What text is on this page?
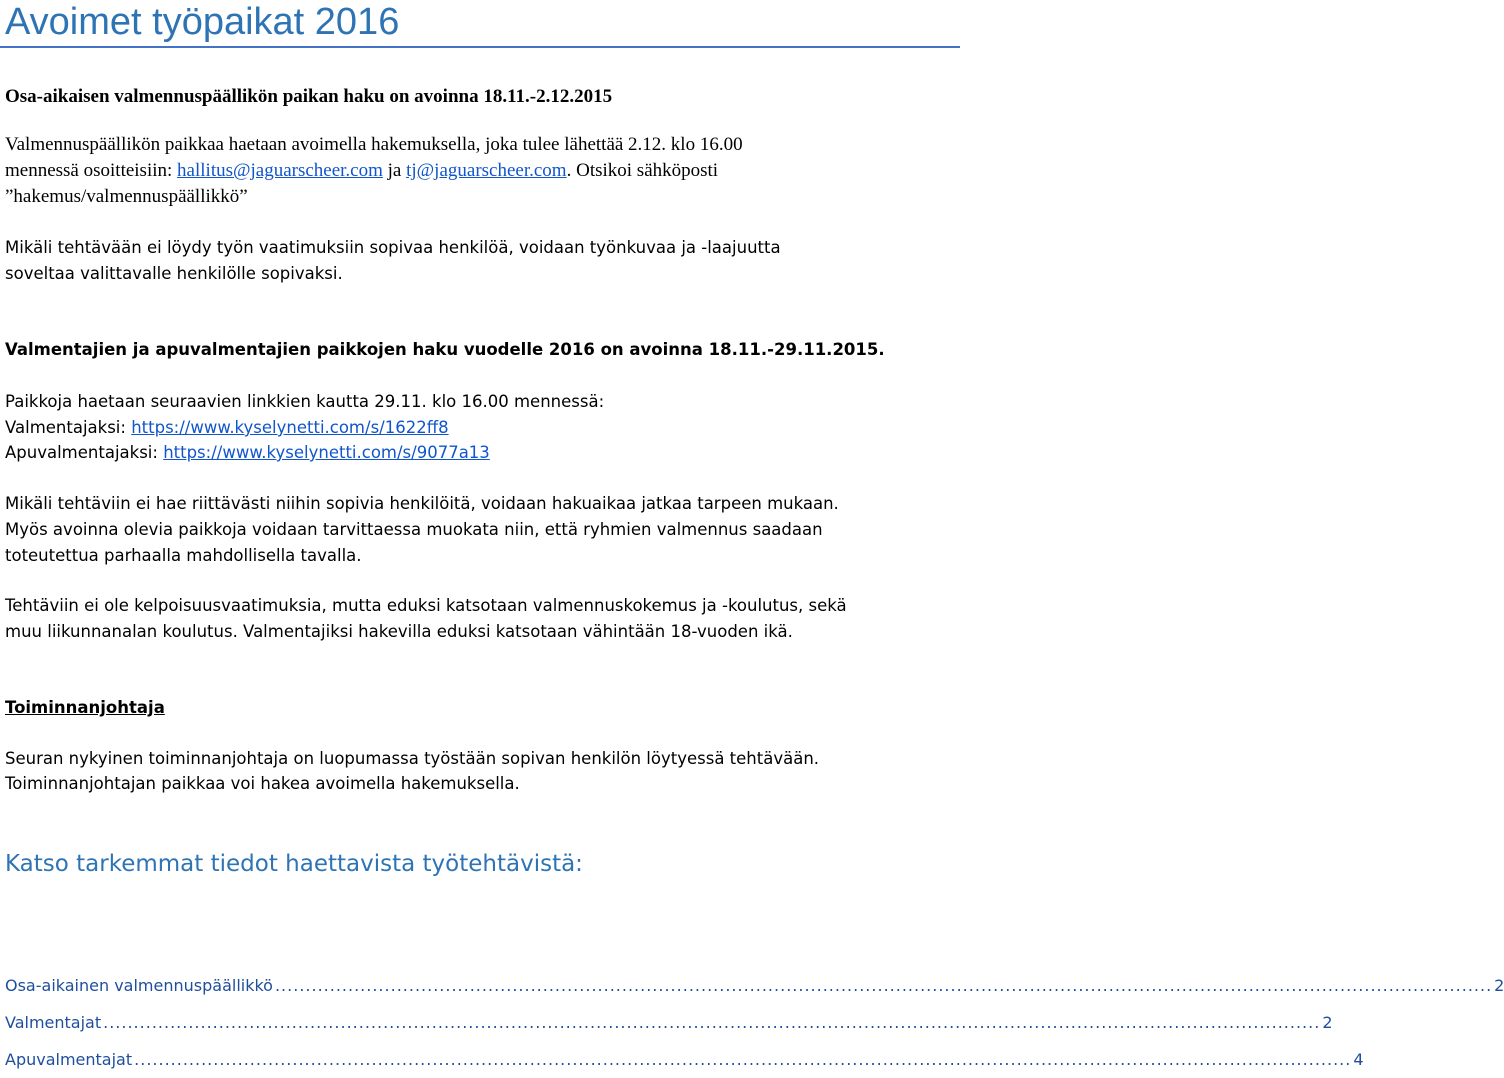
Avoimet työpaikat 2016
Osa-aikaisen valmennuspäällikön paikan haku on avoinna 18.11.-2.12.2015
Valmennuspäällikön paikkaa haetaan avoimella hakemuksella, joka tulee lähettää 2.12. klo 16.00
mennessä osoitteisiin: hallitus@jaguarscheer.com ja tj@jaguarscheer.com. Otsikoi sähköposti
”hakemus/valmennuspäällikkö”
Mikäli tehtävään ei löydy työn vaatimuksiin sopivaa henkilöä, voidaan työnkuvaa ja -laajuutta
soveltaa valittavalle henkilölle sopivaksi.
Valmentajien ja apuvalmentajien paikkojen haku vuodelle 2016 on avoinna 18.11.-29.11.2015.
Paikkoja haetaan seuraavien linkkien kautta 29.11. klo 16.00 mennessä:
Valmentajaksi: https://www.kyselynetti.com/s/1622ff8
Apuvalmentajaksi: https://www.kyselynetti.com/s/9077a13
Mikäli tehtäviin ei hae riittävästi niihin sopivia henkilöitä, voidaan hakuaikaa jatkaa tarpeen mukaan.
Myös avoinna olevia paikkoja voidaan tarvittaessa muokata niin, että ryhmien valmennus saadaan
toteutettua parhaalla mahdollisella tavalla.
Tehtäviin ei ole kelpoisuusvaatimuksia, mutta eduksi katsotaan valmennuskokemus ja -koulutus, sekä
muu liikunnanalan koulutus. Valmentajiksi hakevilla eduksi katsotaan vähintään 18-vuoden ikä.
Toiminnanjohtaja
Seuran nykyinen toiminnanjohtaja on luopumassa työstään sopivan henkilön löytyessä tehtävään.
Toiminnanjohtajan paikkaa voi hakea avoimella hakemuksella.
Katso tarkemmat tiedot haettavista työtehtävistä:
Osa-aikainen valmennuspäällikkö ........................................................................................................................................................................................................ 2
Valmentajat ........................................................................................................................................................................................................ 2
Apuvalmentajat ........................................................................................................................................................................................................ 4
